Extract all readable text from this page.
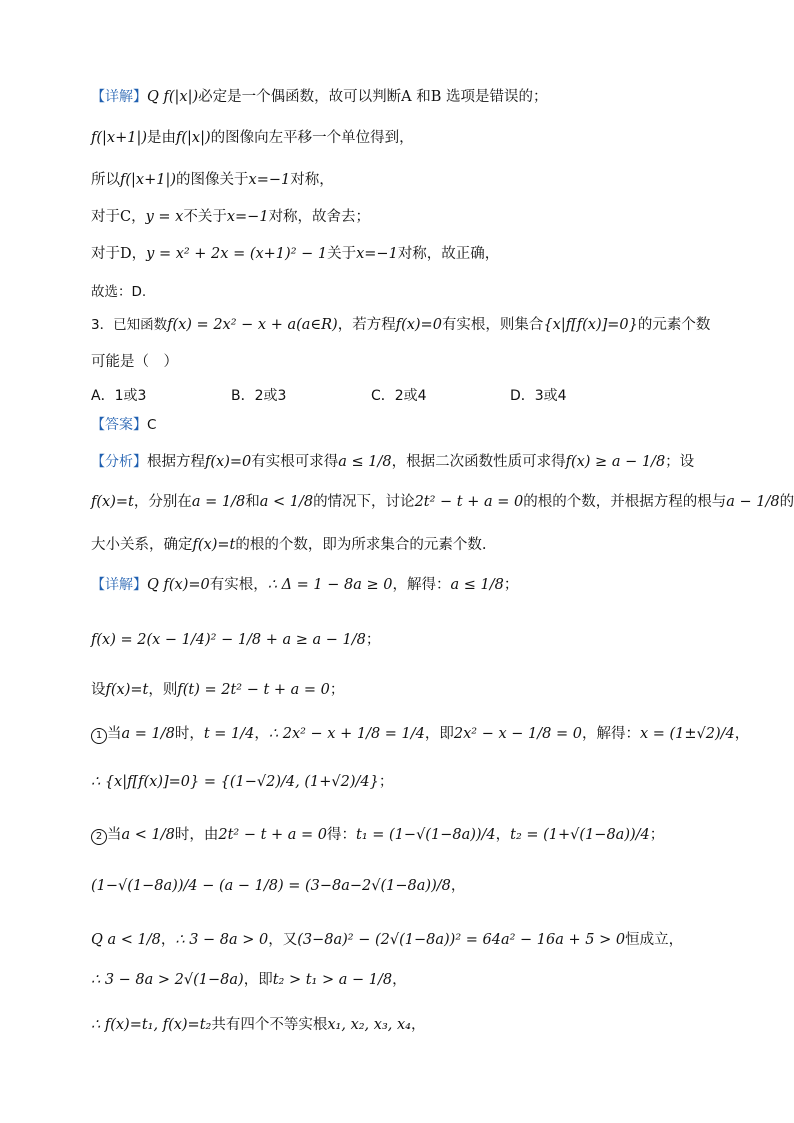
【详解】Q f(|x|)必定是一个偶函数，故可以判断A 和B 选项是错误的；
f(|x+1|)是由f(|x|)的图像向左平移一个单位得到，
所以f(|x+1|)的图像关于x=−1对称，
对于C，y = x不关于x=−1对称，故舍去；
对于D，y = x² + 2x = (x+1)² − 1关于x=−1对称，故正确，
故选：D.
3．已知函数f(x) = 2x² − x + a(a∈R)，若方程f(x)=0有实根，则集合{x|f[f(x)]=0}的元素个数
可能是（　）
A．1或3	B．2或3	C．2或4	D．3或4
【答案】C
【分析】根据方程f(x)=0有实根可求得a ≤ 1/8，根据二次函数性质可求得f(x) ≥ a − 1/8；设
f(x)=t，分别在a = 1/8和a < 1/8的情况下，讨论2t² − t + a = 0的根的个数，并根据方程的根与a − 1/8的
大小关系，确定f(x)=t的根的个数，即为所求集合的元素个数.
【详解】Q f(x)=0有实根，∴ Δ = 1 − 8a ≥ 0，解得：a ≤ 1/8；
f(x) = 2(x − 1/4)² − 1/8 + a ≥ a − 1/8；
设f(x)=t，则f(t) = 2t² − t + a = 0；
1 当a = 1/8时，t = 1/4，∴ 2x² − x + 1/8 = 1/4，即2x² − x − 1/8 = 0，解得：x = (1±√2)/4，
∴ {x|f[f(x)]=0} = {(1−√2)/4, (1+√2)/4}；
2 当a < 1/8时，由2t² − t + a = 0得：t₁ = (1−√(1−8a))/4，t₂ = (1+√(1−8a))/4；
(1−√(1−8a))/4 − (a − 1/8) = (3−8a−2√(1−8a))/8，
Q a < 1/8，∴ 3 − 8a > 0，又(3−8a)² − (2√(1−8a))² = 64a² − 16a + 5 > 0恒成立，
∴ 3 − 8a > 2√(1−8a)，即t₂ > t₁ > a − 1/8，
∴ f(x)=t₁, f(x)=t₂共有四个不等实根x₁, x₂, x₃, x₄，
